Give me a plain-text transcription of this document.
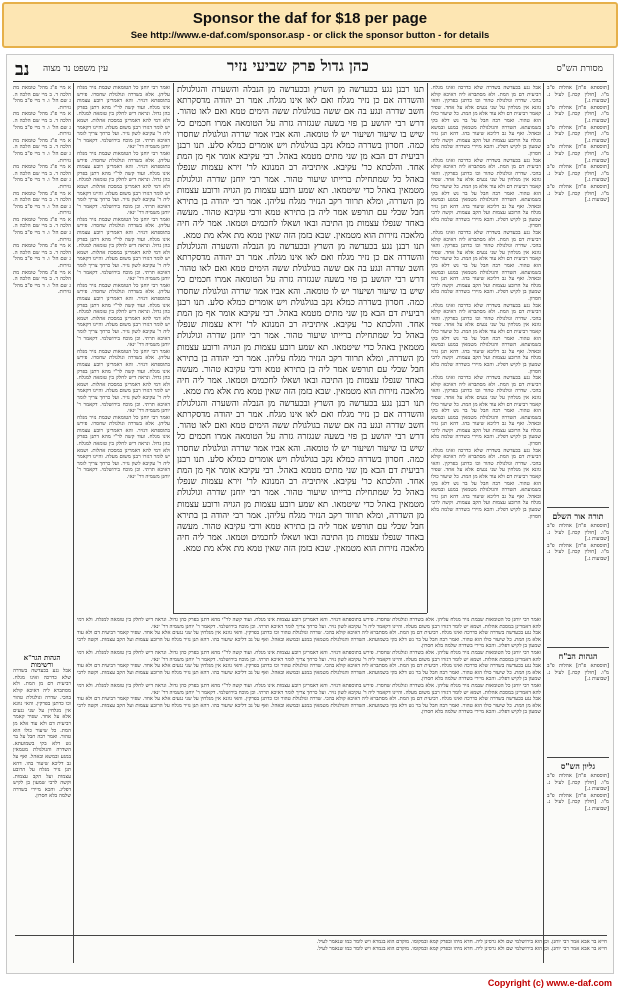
Sponsor the daf for $18 per page
See http://www.e-daf.com/sponsor.asp - or click the sponsor button - for details
נב עין משפט נר מצוה	כהן גדול פרק שביעי נזיר	מסורת הש"ס

א מיי פ"ג מהל' טומאת מת הלכה ד. ב מיי שם הלכה ה. ג שם הל' ו. ד מיי פ"ב מהל' נזירות.

א מיי פ"ג מהל' טומאת מת הלכה ד. ב מיי שם הלכה ה. ג שם הל' ו. ד מיי פ"ב מהל' נזירות.

א מיי פ"ג מהל' טומאת מת הלכה ד. ב מיי שם הלכה ה. ג שם הל' ו. ד מיי פ"ב מהל' נזירות.

א מיי פ"ג מהל' טומאת מת הלכה ד. ב מיי שם הלכה ה. ג שם הל' ו. ד מיי פ"ב מהל' נזירות.

א מיי פ"ג מהל' טומאת מת הלכה ד. ב מיי שם הלכה ה. ג שם הל' ו. ד מיי פ"ב מהל' נזירות.

א מיי פ"ג מהל' טומאת מת הלכה ד. ב מיי שם הלכה ה. ג שם הל' ו. ד מיי פ"ב מהל' נזירות.

א מיי פ"ג מהל' טומאת מת הלכה ד. ב מיי שם הלכה ה. ג שם הל' ו. ד מיי פ"ב מהל' נזירות.

א מיי פ"ג מהל' טומאת מת הלכה ד. ב מיי שם הלכה ה. ג שם הל' ו. ד מיי פ"ב מהל' נזירות.

הגהות הגר"א ורשימות

אבל נגע בכעדשה בשדרה שלא כדרכה ואינו מגלח. רביעית דם מן המת. ולא מסתברא ליה דאיכא קולא בהכי. שדרה וגולגולת טהור וכו כדתנן בפרקין. והאי גוונא אין מגלחין על שני נגעים אלא על אחד. שפיר קאמר רביעית דם ולא עוד אלא מן המת. כל שיעור כולו הוא טהור. ואמר רבה חבל על בר נש דלא בקי בשמועתא. השדרה והגולגולת מטמאין במגע ובמשא ובאהל. ואף על גב דליכא שיעור בהו. דהא תנן נזיר מגלח על הרובע עצמות ועל הקב עצמות. וקשה לרבי שמעון בן לקיש דפליג. והכא מיירי בשדרה שלמה בלא חסרון.

ואמר רבי יוחנן כל הטומאות שבמת נזיר מגלח עליהן. אלא בשדרה וגולגולת שחסרו. פירש בתוספתא דנזיר. והא דאמרינן רובע עצמות אינו מגלח. ועוד קשה לר"י מהא דתנן בפרק כהן גדול. ונראה דיש לחלק בין טומאה למגלח. ולא דמי להא דאמרינן במסכת אהלות. ושמא יש לומר דגזרו רבנן משום מעלה. והיינו דקאמר ליה ר' עקיבא לשון נזיר. ועל כרחך צריך לומר דאיכא תרתי. וכן מוכח בירושלמי. דקאמר ר' יוחנן משמיה דר' ינאי.

ואמר רבי יוחנן כל הטומאות שבמת נזיר מגלח עליהן. אלא בשדרה וגולגולת שחסרו. פירש בתוספתא דנזיר. והא דאמרינן רובע עצמות אינו מגלח. ועוד קשה לר"י מהא דתנן בפרק כהן גדול. ונראה דיש לחלק בין טומאה למגלח. ולא דמי להא דאמרינן במסכת אהלות. ושמא יש לומר דגזרו רבנן משום מעלה. והיינו דקאמר ליה ר' עקיבא לשון נזיר. ועל כרחך צריך לומר דאיכא תרתי. וכן מוכח בירושלמי. דקאמר ר' יוחנן משמיה דר' ינאי.

ואמר רבי יוחנן כל הטומאות שבמת נזיר מגלח עליהן. אלא בשדרה וגולגולת שחסרו. פירש בתוספתא דנזיר. והא דאמרינן רובע עצמות אינו מגלח. ועוד קשה לר"י מהא דתנן בפרק כהן גדול. ונראה דיש לחלק בין טומאה למגלח. ולא דמי להא דאמרינן במסכת אהלות. ושמא יש לומר דגזרו רבנן משום מעלה. והיינו דקאמר ליה ר' עקיבא לשון נזיר. ועל כרחך צריך לומר דאיכא תרתי. וכן מוכח בירושלמי. דקאמר ר' יוחנן משמיה דר' ינאי.

ואמר רבי יוחנן כל הטומאות שבמת נזיר מגלח עליהן. אלא בשדרה וגולגולת שחסרו. פירש בתוספתא דנזיר. והא דאמרינן רובע עצמות אינו מגלח. ועוד קשה לר"י מהא דתנן בפרק כהן גדול. ונראה דיש לחלק בין טומאה למגלח. ולא דמי להא דאמרינן במסכת אהלות. ושמא יש לומר דגזרו רבנן משום מעלה. והיינו דקאמר ליה ר' עקיבא לשון נזיר. ועל כרחך צריך לומר דאיכא תרתי. וכן מוכח בירושלמי. דקאמר ר' יוחנן משמיה דר' ינאי.

ואמר רבי יוחנן כל הטומאות שבמת נזיר מגלח עליהן. אלא בשדרה וגולגולת שחסרו. פירש בתוספתא דנזיר. והא דאמרינן רובע עצמות אינו מגלח. ועוד קשה לר"י מהא דתנן בפרק כהן גדול. ונראה דיש לחלק בין טומאה למגלח. ולא דמי להא דאמרינן במסכת אהלות. ושמא יש לומר דגזרו רבנן משום מעלה. והיינו דקאמר ליה ר' עקיבא לשון נזיר. ועל כרחך צריך לומר דאיכא תרתי. וכן מוכח בירושלמי. דקאמר ר' יוחנן משמיה דר' ינאי.

ואמר רבי יוחנן כל הטומאות שבמת נזיר מגלח עליהן. אלא בשדרה וגולגולת שחסרו. פירש בתוספתא דנזיר. והא דאמרינן רובע עצמות אינו מגלח. ועוד קשה לר"י מהא דתנן בפרק כהן גדול. ונראה דיש לחלק בין טומאה למגלח. ולא דמי להא דאמרינן במסכת אהלות. ושמא יש לומר דגזרו רבנן משום מעלה. והיינו דקאמר ליה ר' עקיבא לשון נזיר. ועל כרחך צריך לומר דאיכא תרתי. וכן מוכח בירושלמי. דקאמר ר' יוחנן משמיה דר' ינאי.

תנו רבנן נגע בכעדשה מן השרץ ובכעדשה מן הנבלה והשערה והגולגולת והשדרה אם כן נזיר מגלח ואם לאו אינו מגלח. אמר רב יהודה מדסקרתא חשב שדרה ונגע בה אם ששה בגולגולת ששה הימים טמא ואם לאו טהור. דרש רבי יהושע בן פזי בשעה שנגזרה גזרה על הטומאה אמרו חכמים כל שיש בו שיעור ושיעור יש לו טומאה. והא אביו אמר שדרה וגולגולת שחסרו כמה. חסרון בשדרה כמלא נקב בגולגולת ויש אומרים כמלא סלע. תנו רבנן רביעית דם הבא מן שני מתים מטמא באהל. רבי עקיבא אומר אף מן המת אחד. והלכתא כר' עקיבא. איתיביה רב המנונא לר' זירא עצמות שנפלו באהל כל שמתחילת ברייתו שיעור טהור. אמר רבי יוחנן שדרה וגולגולת מטמאין באהל כדי שיטמאו. תא שמע רובע עצמות מן הגויה ורובע עצמות מן השדרה, ומלא תרווד רקב הנזיר מגלח עליהן. אמר רבי יהודה בן בתירא חבל שבלי עם תורפש אמר ליה בן בתירא טמא ורבי עקיבא טהור. מעשה באחד שנפלו עצמות מן התיבה ובאו ושאלו לחכמים וטמאו. אמר ליה חיה מלאכה נזירות הוא מטמאין. שבא בזמן הזה שאין טמא מת אלא מת טמא.

תנו רבנן נגע בכעדשה מן השרץ ובכעדשה מן הנבלה והשערה והגולגולת והשדרה אם כן נזיר מגלח ואם לאו אינו מגלח. אמר רב יהודה מדסקרתא חשב שדרה ונגע בה אם ששה בגולגולת ששה הימים טמא ואם לאו טהור. דרש רבי יהושע בן פזי בשעה שנגזרה גזרה על הטומאה אמרו חכמים כל שיש בו שיעור ושיעור יש לו טומאה. והא אביו אמר שדרה וגולגולת שחסרו כמה. חסרון בשדרה כמלא נקב בגולגולת ויש אומרים כמלא סלע. תנו רבנן רביעית דם הבא מן שני מתים מטמא באהל. רבי עקיבא אומר אף מן המת אחד. והלכתא כר' עקיבא. איתיביה רב המנונא לר' זירא עצמות שנפלו באהל כל שמתחילת ברייתו שיעור טהור. אמר רבי יוחנן שדרה וגולגולת מטמאין באהל כדי שיטמאו. תא שמע רובע עצמות מן הגויה ורובע עצמות מן השדרה, ומלא תרווד רקב הנזיר מגלח עליהן. אמר רבי יהודה בן בתירא חבל שבלי עם תורפש אמר ליה בן בתירא טמא ורבי עקיבא טהור. מעשה באחד שנפלו עצמות מן התיבה ובאו ושאלו לחכמים וטמאו. אמר ליה חיה מלאכה נזירות הוא מטמאין. שבא בזמן הזה שאין טמא מת אלא מת טמא.

תנו רבנן נגע בכעדשה מן השרץ ובכעדשה מן הנבלה והשערה והגולגולת והשדרה אם כן נזיר מגלח ואם לאו אינו מגלח. אמר רב יהודה מדסקרתא חשב שדרה ונגע בה אם ששה בגולגולת ששה הימים טמא ואם לאו טהור. דרש רבי יהושע בן פזי בשעה שנגזרה גזרה על הטומאה אמרו חכמים כל שיש בו שיעור ושיעור יש לו טומאה. והא אביו אמר שדרה וגולגולת שחסרו כמה. חסרון בשדרה כמלא נקב בגולגולת ויש אומרים כמלא סלע. תנו רבנן רביעית דם הבא מן שני מתים מטמא באהל. רבי עקיבא אומר אף מן המת אחד. והלכתא כר' עקיבא. איתיביה רב המנונא לר' זירא עצמות שנפלו באהל כל שמתחילת ברייתו שיעור טהור. אמר רבי יוחנן שדרה וגולגולת מטמאין באהל כדי שיטמאו. תא שמע רובע עצמות מן הגויה ורובע עצמות מן השדרה, ומלא תרווד רקב הנזיר מגלח עליהן. אמר רבי יהודה בן בתירא חבל שבלי עם תורפש אמר ליה בן בתירא טמא ורבי עקיבא טהור. מעשה באחד שנפלו עצמות מן התיבה ובאו ושאלו לחכמים וטמאו. אמר ליה חיה מלאכה נזירות הוא מטמאין. שבא בזמן הזה שאין טמא מת אלא מת טמא.

אבל נגע בכעדשה בשדרה שלא כדרכה ואינו מגלח. רביעית דם מן המת. ולא מסתברא ליה דאיכא קולא בהכי. שדרה וגולגולת טהור וכו כדתנן בפרקין. והאי גוונא אין מגלחין על שני נגעים אלא על אחד. שפיר קאמר רביעית דם ולא עוד אלא מן המת. כל שיעור כולו הוא טהור. ואמר רבה חבל על בר נש דלא בקי בשמועתא. השדרה והגולגולת מטמאין במגע ובמשא ובאהל. ואף על גב דליכא שיעור בהו. דהא תנן נזיר מגלח על הרובע עצמות ועל הקב עצמות. וקשה לרבי שמעון בן לקיש דפליג. והכא מיירי בשדרה שלמה בלא חסרון.

אבל נגע בכעדשה בשדרה שלא כדרכה ואינו מגלח. רביעית דם מן המת. ולא מסתברא ליה דאיכא קולא בהכי. שדרה וגולגולת טהור וכו כדתנן בפרקין. והאי גוונא אין מגלחין על שני נגעים אלא על אחד. שפיר קאמר רביעית דם ולא עוד אלא מן המת. כל שיעור כולו הוא טהור. ואמר רבה חבל על בר נש דלא בקי בשמועתא. השדרה והגולגולת מטמאין במגע ובמשא ובאהל. ואף על גב דליכא שיעור בהו. דהא תנן נזיר מגלח על הרובע עצמות ועל הקב עצמות. וקשה לרבי שמעון בן לקיש דפליג. והכא מיירי בשדרה שלמה בלא חסרון.

אבל נגע בכעדשה בשדרה שלא כדרכה ואינו מגלח. רביעית דם מן המת. ולא מסתברא ליה דאיכא קולא בהכי. שדרה וגולגולת טהור וכו כדתנן בפרקין. והאי גוונא אין מגלחין על שני נגעים אלא על אחד. שפיר קאמר רביעית דם ולא עוד אלא מן המת. כל שיעור כולו הוא טהור. ואמר רבה חבל על בר נש דלא בקי בשמועתא. השדרה והגולגולת מטמאין במגע ובמשא ובאהל. ואף על גב דליכא שיעור בהו. דהא תנן נזיר מגלח על הרובע עצמות ועל הקב עצמות. וקשה לרבי שמעון בן לקיש דפליג. והכא מיירי בשדרה שלמה בלא חסרון.

אבל נגע בכעדשה בשדרה שלא כדרכה ואינו מגלח. רביעית דם מן המת. ולא מסתברא ליה דאיכא קולא בהכי. שדרה וגולגולת טהור וכו כדתנן בפרקין. והאי גוונא אין מגלחין על שני נגעים אלא על אחד. שפיר קאמר רביעית דם ולא עוד אלא מן המת. כל שיעור כולו הוא טהור. ואמר רבה חבל על בר נש דלא בקי בשמועתא. השדרה והגולגולת מטמאין במגע ובמשא ובאהל. ואף על גב דליכא שיעור בהו. דהא תנן נזיר מגלח על הרובע עצמות ועל הקב עצמות. וקשה לרבי שמעון בן לקיש דפליג. והכא מיירי בשדרה שלמה בלא חסרון.

אבל נגע בכעדשה בשדרה שלא כדרכה ואינו מגלח. רביעית דם מן המת. ולא מסתברא ליה דאיכא קולא בהכי. שדרה וגולגולת טהור וכו כדתנן בפרקין. והאי גוונא אין מגלחין על שני נגעים אלא על אחד. שפיר קאמר רביעית דם ולא עוד אלא מן המת. כל שיעור כולו הוא טהור. ואמר רבה חבל על בר נש דלא בקי בשמועתא. השדרה והגולגולת מטמאין במגע ובמשא ובאהל. ואף על גב דליכא שיעור בהו. דהא תנן נזיר מגלח על הרובע עצמות ועל הקב עצמות. וקשה לרבי שמעון בן לקיש דפליג. והכא מיירי בשדרה שלמה בלא חסרון.

אבל נגע בכעדשה בשדרה שלא כדרכה ואינו מגלח. רביעית דם מן המת. ולא מסתברא ליה דאיכא קולא בהכי. שדרה וגולגולת טהור וכו כדתנן בפרקין. והאי גוונא אין מגלחין על שני נגעים אלא על אחד. שפיר קאמר רביעית דם ולא עוד אלא מן המת. כל שיעור כולו הוא טהור. ואמר רבה חבל על בר נש דלא בקי בשמועתא. השדרה והגולגולת מטמאין במגע ובמשא ובאהל. ואף על גב דליכא שיעור בהו. דהא תנן נזיר מגלח על הרובע עצמות ועל הקב עצמות. וקשה לרבי שמעון בן לקיש דפליג. והכא מיירי בשדרה שלמה בלא חסרון.

ואמר רבי יוחנן כל הטומאות שבמת נזיר מגלח עליהן. אלא בשדרה וגולגולת שחסרו. פירש בתוספתא דנזיר. והא דאמרינן רובע עצמות אינו מגלח. ועוד קשה לר"י מהא דתנן בפרק כהן גדול. ונראה דיש לחלק בין טומאה למגלח. ולא דמי להא דאמרינן במסכת אהלות. ושמא יש לומר דגזרו רבנן משום מעלה. והיינו דקאמר ליה ר' עקיבא לשון נזיר. ועל כרחך צריך לומר דאיכא תרתי. וכן מוכח בירושלמי. דקאמר ר' יוחנן משמיה דר' ינאי.

אבל נגע בכעדשה בשדרה שלא כדרכה ואינו מגלח. רביעית דם מן המת. ולא מסתברא ליה דאיכא קולא בהכי. שדרה וגולגולת טהור וכו כדתנן בפרקין. והאי גוונא אין מגלחין על שני נגעים אלא על אחד. שפיר קאמר רביעית דם ולא עוד אלא מן המת. כל שיעור כולו הוא טהור. ואמר רבה חבל על בר נש דלא בקי בשמועתא. השדרה והגולגולת מטמאין במגע ובמשא ובאהל. ואף על גב דליכא שיעור בהו. דהא תנן נזיר מגלח על הרובע עצמות ועל הקב עצמות. וקשה לרבי שמעון בן לקיש דפליג. והכא מיירי בשדרה שלמה בלא חסרון.

ואמר רבי יוחנן כל הטומאות שבמת נזיר מגלח עליהן. אלא בשדרה וגולגולת שחסרו. פירש בתוספתא דנזיר. והא דאמרינן רובע עצמות אינו מגלח. ועוד קשה לר"י מהא דתנן בפרק כהן גדול. ונראה דיש לחלק בין טומאה למגלח. ולא דמי להא דאמרינן במסכת אהלות. ושמא יש לומר דגזרו רבנן משום מעלה. והיינו דקאמר ליה ר' עקיבא לשון נזיר. ועל כרחך צריך לומר דאיכא תרתי. וכן מוכח בירושלמי. דקאמר ר' יוחנן משמיה דר' ינאי.

אבל נגע בכעדשה בשדרה שלא כדרכה ואינו מגלח. רביעית דם מן המת. ולא מסתברא ליה דאיכא קולא בהכי. שדרה וגולגולת טהור וכו כדתנן בפרקין. והאי גוונא אין מגלחין על שני נגעים אלא על אחד. שפיר קאמר רביעית דם ולא עוד אלא מן המת. כל שיעור כולו הוא טהור. ואמר רבה חבל על בר נש דלא בקי בשמועתא. השדרה והגולגולת מטמאין במגע ובמשא ובאהל. ואף על גב דליכא שיעור בהו. דהא תנן נזיר מגלח על הרובע עצמות ועל הקב עצמות. וקשה לרבי שמעון בן לקיש דפליג. והכא מיירי בשדרה שלמה בלא חסרון.

ואמר רבי יוחנן כל הטומאות שבמת נזיר מגלח עליהן. אלא בשדרה וגולגולת שחסרו. פירש בתוספתא דנזיר. והא דאמרינן רובע עצמות אינו מגלח. ועוד קשה לר"י מהא דתנן בפרק כהן גדול. ונראה דיש לחלק בין טומאה למגלח. ולא דמי להא דאמרינן במסכת אהלות. ושמא יש לומר דגזרו רבנן משום מעלה. והיינו דקאמר ליה ר' עקיבא לשון נזיר. ועל כרחך צריך לומר דאיכא תרתי. וכן מוכח בירושלמי. דקאמר ר' יוחנן משמיה דר' ינאי.

אבל נגע בכעדשה בשדרה שלא כדרכה ואינו מגלח. רביעית דם מן המת. ולא מסתברא ליה דאיכא קולא בהכי. שדרה וגולגולת טהור וכו כדתנן בפרקין. והאי גוונא אין מגלחין על שני נגעים אלא על אחד. שפיר קאמר רביעית דם ולא עוד אלא מן המת. כל שיעור כולו הוא טהור. ואמר רבה חבל על בר נש דלא בקי בשמועתא. השדרה והגולגולת מטמאין במגע ובמשא ובאהל. ואף על גב דליכא שיעור בהו. דהא תנן נזיר מגלח על הרובע עצמות ועל הקב עצמות. וקשה לרבי שמעון בן לקיש דפליג. והכא מיירי בשדרה שלמה בלא חסרון.

[תוספתא פ"ה] אהלות פ"ב מ"ו. [חולין קכה.] לעיל נ. [שבועות ג.]

[תוספתא פ"ה] אהלות פ"ב מ"ו. [חולין קכה.] לעיל נ. [שבועות ג.]

[תוספתא פ"ה] אהלות פ"ב מ"ו. [חולין קכה.] לעיל נ. [שבועות ג.]

[תוספתא פ"ה] אהלות פ"ב מ"ו. [חולין קכה.] לעיל נ. [שבועות ג.]

[תוספתא פ"ה] אהלות פ"ב מ"ו. [חולין קכה.] לעיל נ. [שבועות ג.]

[תוספתא פ"ה] אהלות פ"ב מ"ו. [חולין קכה.] לעיל נ. [שבועות ג.]

תורה אור השלם

[תוספתא פ"ה] אהלות פ"ב מ"ו. [חולין קכה.] לעיל נ. [שבועות ג.]

[תוספתא פ"ה] אהלות פ"ב מ"ו. [חולין קכה.] לעיל נ. [שבועות ג.]

הגהות הב"ח

[תוספתא פ"ה] אהלות פ"ב מ"ו. [חולין קכה.] לעיל נ. [שבועות ג.]

גליון הש"ס

[תוספתא פ"ה] אהלות פ"ב מ"ו. [חולין קכה.] לעיל נ. [שבועות ג.]

[תוספתא פ"ה] אהלות פ"ב מ"ו. [חולין קכה.] לעיל נ. [שבועות ג.]

חייא בר אבא אמר רבי יוחנן. וכן הוא בירושלמי שם ולא גרסינן ליה. חדא מיהו ובפרק קמא ובמקומו. מוקדם הוא בגמרא ויש לומר כמו שנאמר לעיל.

חייא בר אבא אמר רבי יוחנן. וכן הוא בירושלמי שם ולא גרסינן ליה. חדא מיהו ובפרק קמא ובמקומו. מוקדם הוא בגמרא ויש לומר כמו שנאמר לעיל.

Copyright (c) www.e-daf.com
